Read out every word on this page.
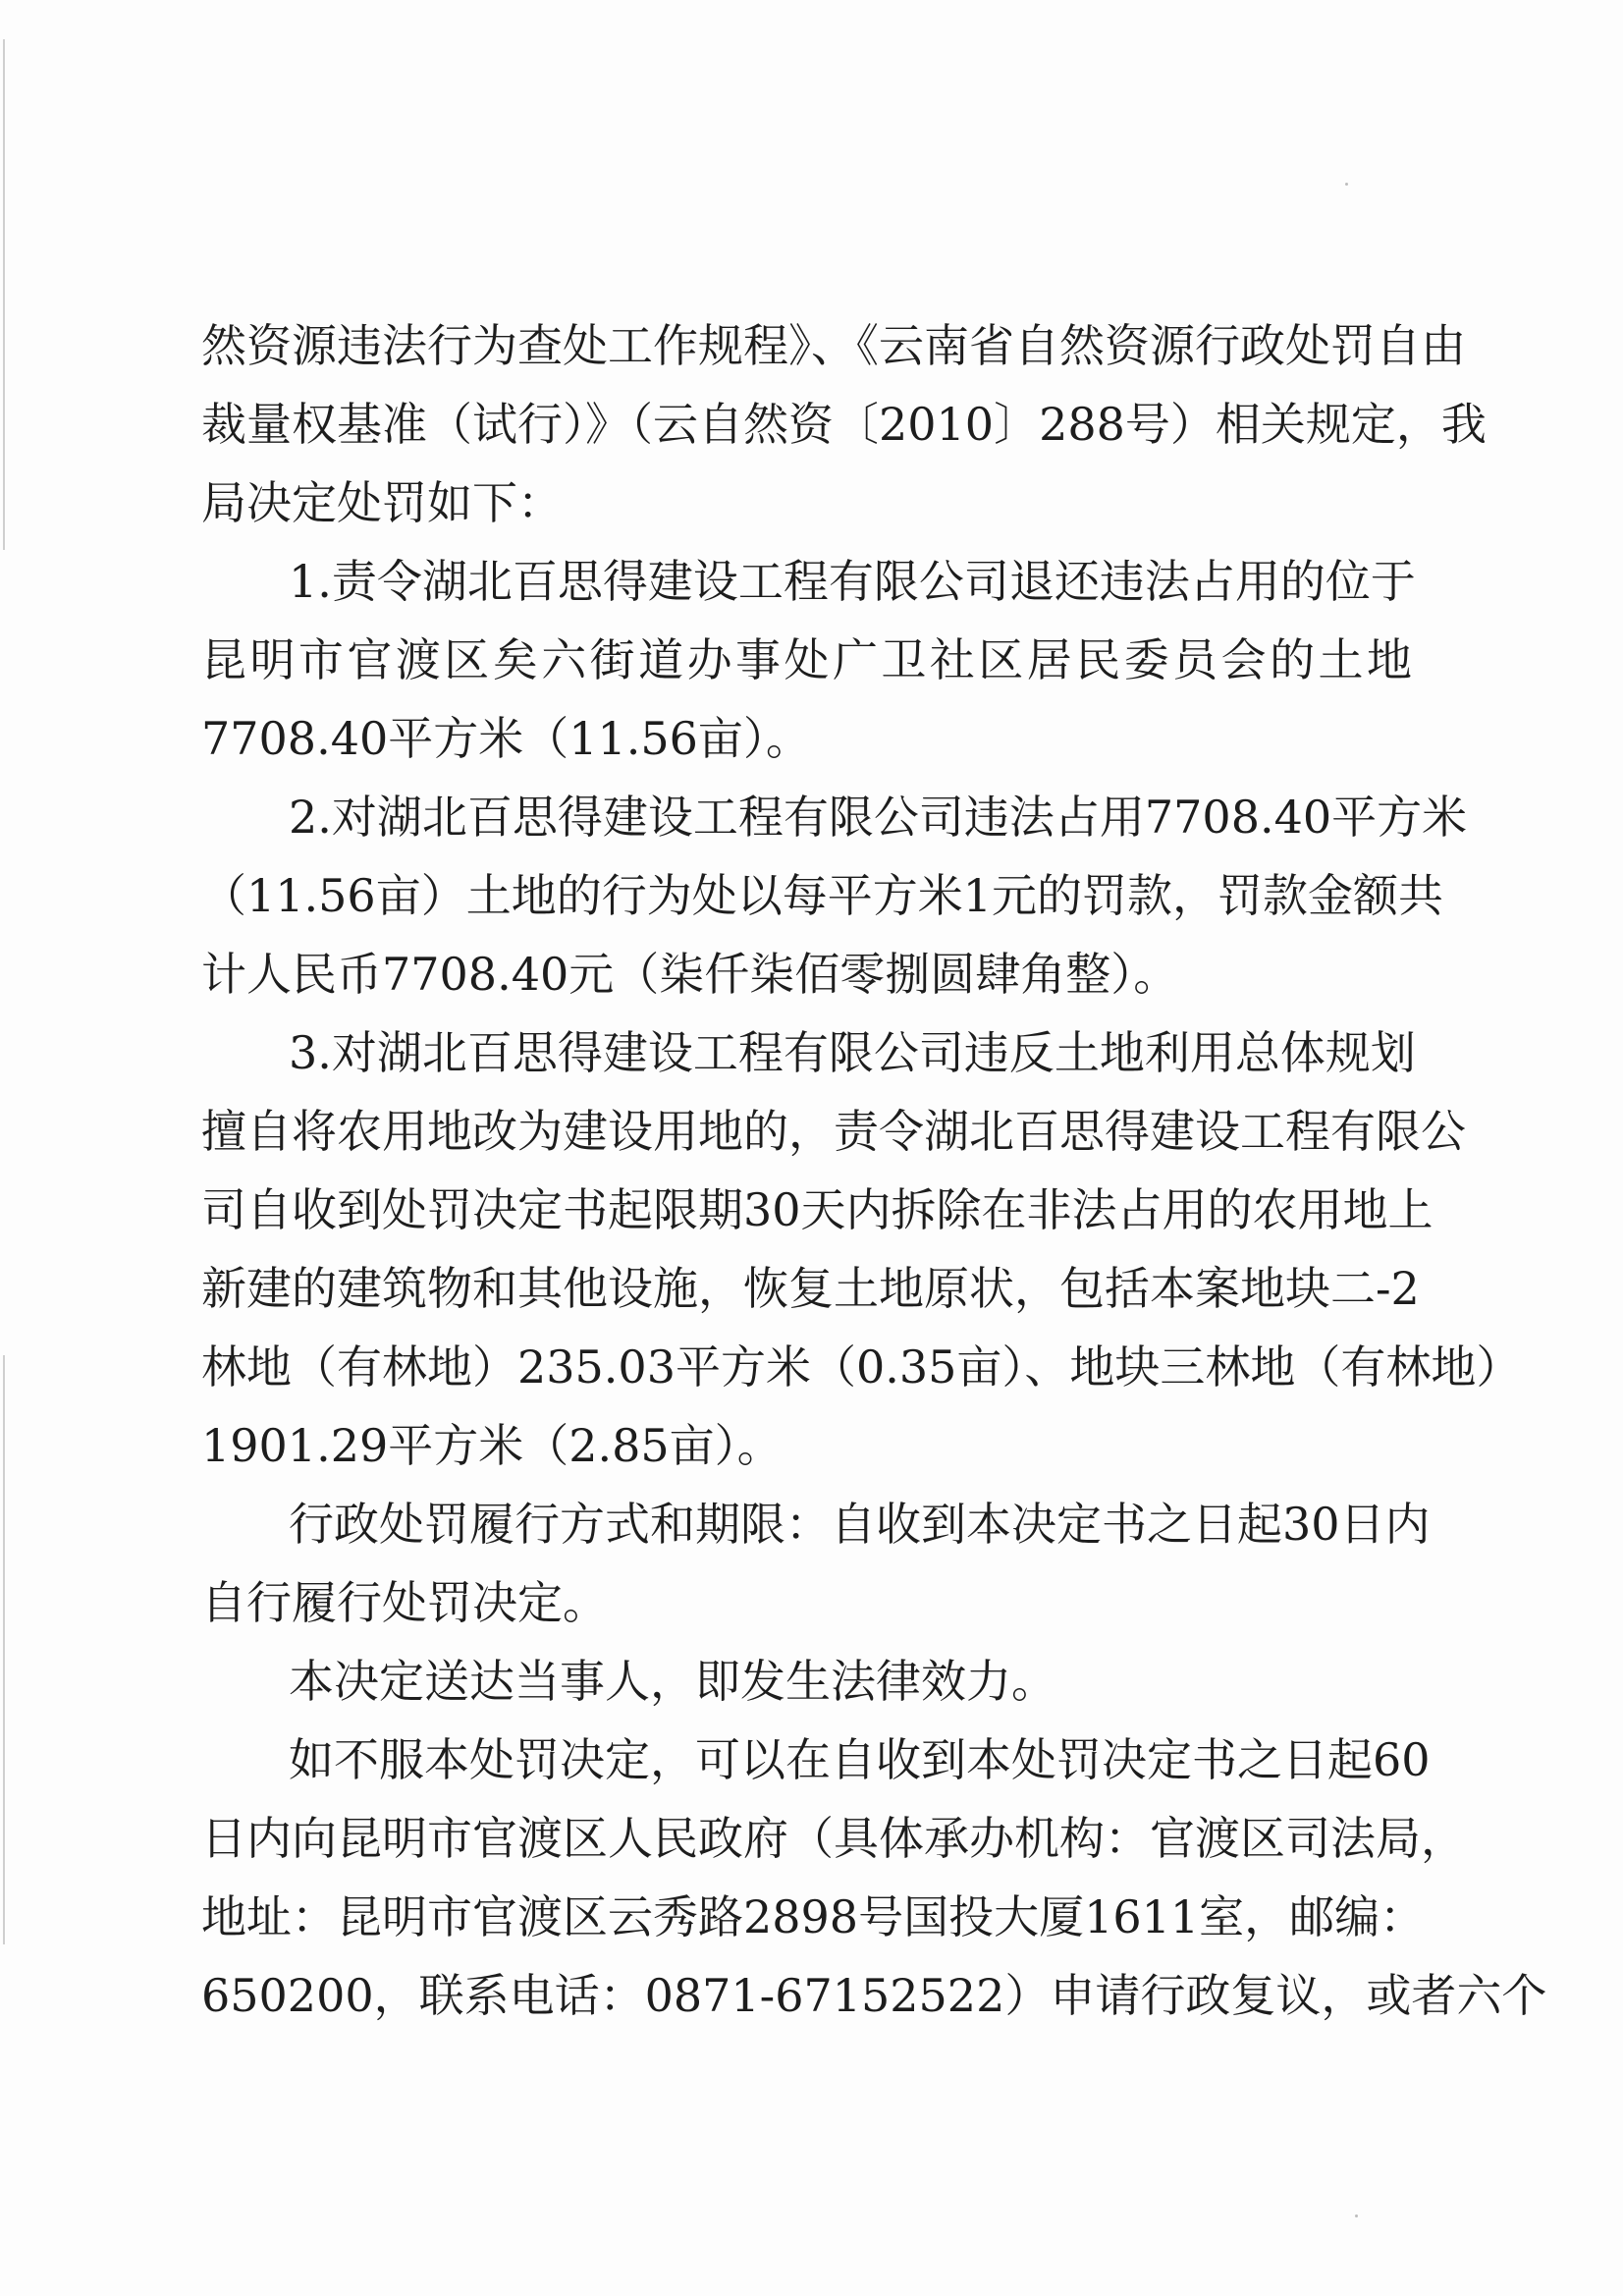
然资源违法行为查处工作规程》、《云南省自然资源行政处罚自由
裁量权基准（试行）》（云自然资〔2010〕288号）相关规定，我
局决定处罚如下：
1.责令湖北百思得建设工程有限公司退还违法占用的位于
昆明市官渡区矣六街道办事处广卫社区居民委员会的土地
7708.40平方米（11.56亩）。
2.对湖北百思得建设工程有限公司违法占用7708.40平方米
（11.56亩）土地的行为处以每平方米1元的罚款，罚款金额共
计人民币7708.40元（柒仟柒佰零捌圆肆角整）。
3.对湖北百思得建设工程有限公司违反土地利用总体规划
擅自将农用地改为建设用地的，责令湖北百思得建设工程有限公
司自收到处罚决定书起限期30天内拆除在非法占用的农用地上
新建的建筑物和其他设施，恢复土地原状，包括本案地块二-2
林地（有林地）235.03平方米（0.35亩）、地块三林地（有林地）
1901.29平方米（2.85亩）。
行政处罚履行方式和期限：自收到本决定书之日起30日内
自行履行处罚决定。
本决定送达当事人，即发生法律效力。
如不服本处罚决定，可以在自收到本处罚决定书之日起60
日内向昆明市官渡区人民政府（具体承办机构：官渡区司法局，
地址：昆明市官渡区云秀路2898号国投大厦1611室，邮编：
650200，联系电话：0871-67152522）申请行政复议，或者六个
